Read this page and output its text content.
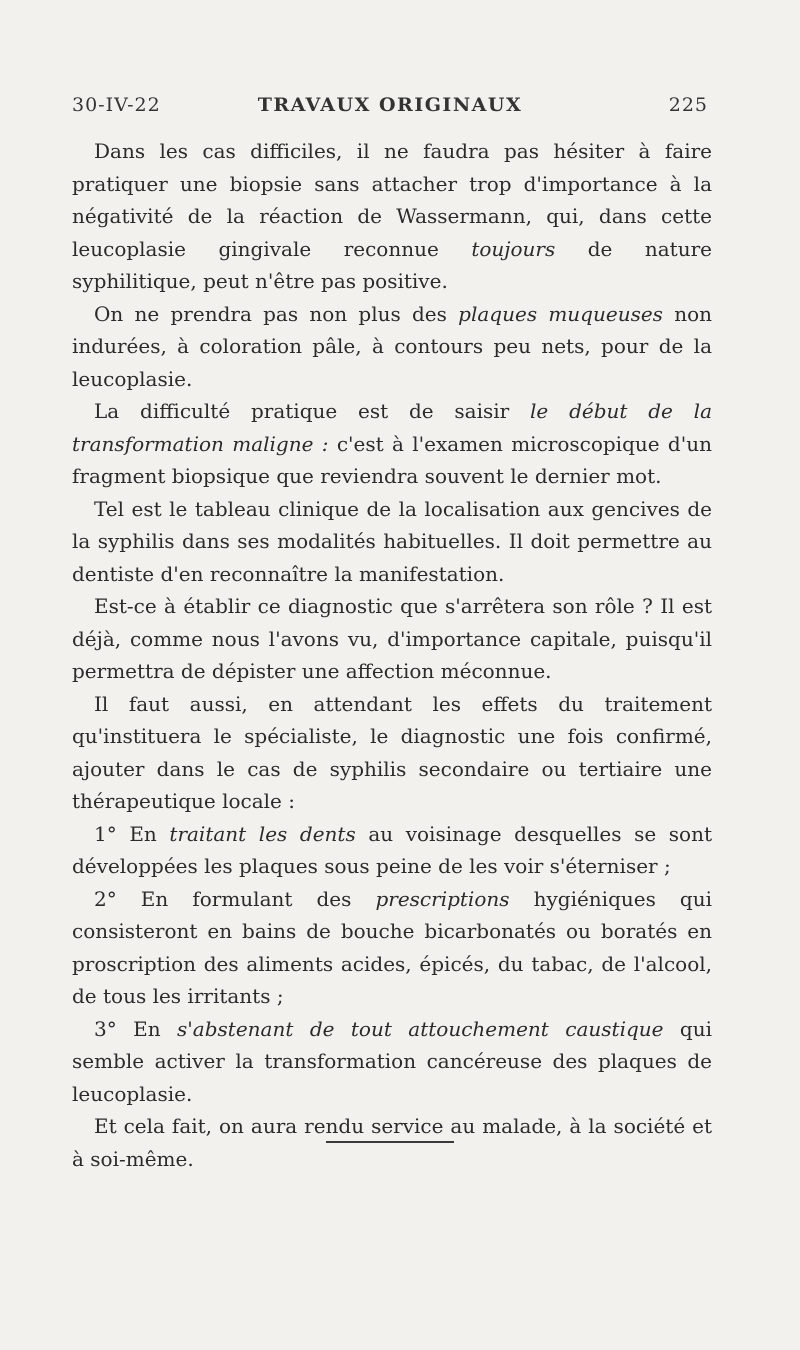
30-IV-22	TRAVAUX ORIGINAUX	225

Dans les cas difficiles, il ne faudra pas hésiter à faire pratiquer une biopsie sans attacher trop d'importance à la négativité de la réaction de Wassermann, qui, dans cette leucoplasie gingivale reconnue toujours de nature syphilitique, peut n'être pas positive.

On ne prendra pas non plus des plaques muqueuses non indurées, à coloration pâle, à contours peu nets, pour de la leucoplasie.

La difficulté pratique est de saisir le début de la transformation maligne : c'est à l'examen microscopique d'un fragment biopsique que reviendra souvent le dernier mot.

Tel est le tableau clinique de la localisation aux gencives de la syphilis dans ses modalités habituelles. Il doit permettre au dentiste d'en reconnaître la manifestation.

Est-ce à établir ce diagnostic que s'arrêtera son rôle ? Il est déjà, comme nous l'avons vu, d'importance capitale, puisqu'il permettra de dépister une affection méconnue.

Il faut aussi, en attendant les effets du traitement qu'instituera le spécialiste, le diagnostic une fois confirmé, ajouter dans le cas de syphilis secondaire ou tertiaire une thérapeutique locale :

1° En traitant les dents au voisinage desquelles se sont développées les plaques sous peine de les voir s'éterniser ;

2° En formulant des prescriptions hygiéniques qui consisteront en bains de bouche bicarbonatés ou boratés en proscription des aliments acides, épicés, du tabac, de l'alcool, de tous les irritants ;

3° En s'abstenant de tout attouchement caustique qui semble activer la transformation cancéreuse des plaques de leucoplasie.

Et cela fait, on aura rendu service au malade, à la société et à soi-même.
